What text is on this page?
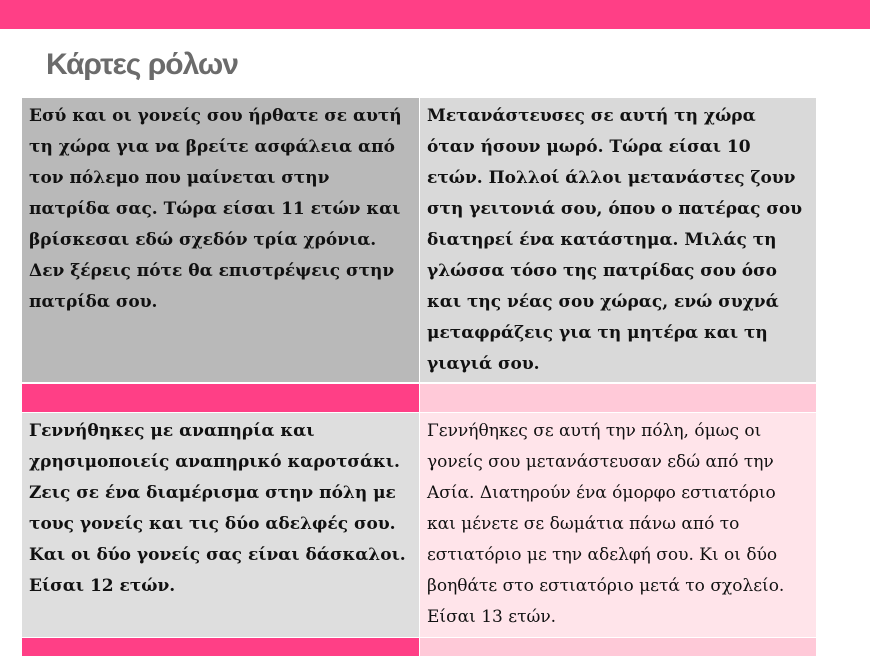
Κάρτες ρόλων
Εσύ και οι γονείς σου ήρθατε σε αυτή τη χώρα για να βρείτε ασφάλεια από τον πόλεμο που μαίνεται στην πατρίδα σας. Τώρα είσαι 11 ετών και βρίσκεσαι εδώ σχεδόν τρία χρόνια. Δεν ξέρεις πότε θα επιστρέψεις στην πατρίδα σου.
Μετανάστευσες σε αυτή τη χώρα όταν ήσουν μωρό. Τώρα είσαι 10 ετών. Πολλοί άλλοι μετανάστες ζουν στη γειτονιά σου, όπου ο πατέρας σου διατηρεί ένα κατάστημα. Μιλάς τη γλώσσα τόσο της πατρίδας σου όσο και της νέας σου χώρας, ενώ συχνά μεταφράζεις για τη μητέρα και τη γιαγιά σου.
Γεννήθηκες με αναπηρία και χρησιμοποιείς αναπηρικό καροτσάκι. Ζεις σε ένα διαμέρισμα στην πόλη με τους γονείς και τις δύο αδελφές σου. Και οι δύο γονείς σας είναι δάσκαλοι. Είσαι 12 ετών.
Γεννήθηκες σε αυτή την πόλη, όμως οι γονείς σου μετανάστευσαν εδώ από την Ασία. Διατηρούν ένα όμορφο εστιατόριο και μένετε σε δωμάτια πάνω από το εστιατόριο με την αδελφή σου. Κι οι δύο βοηθάτε στο εστιατόριο μετά το σχολείο. Είσαι 13 ετών.
